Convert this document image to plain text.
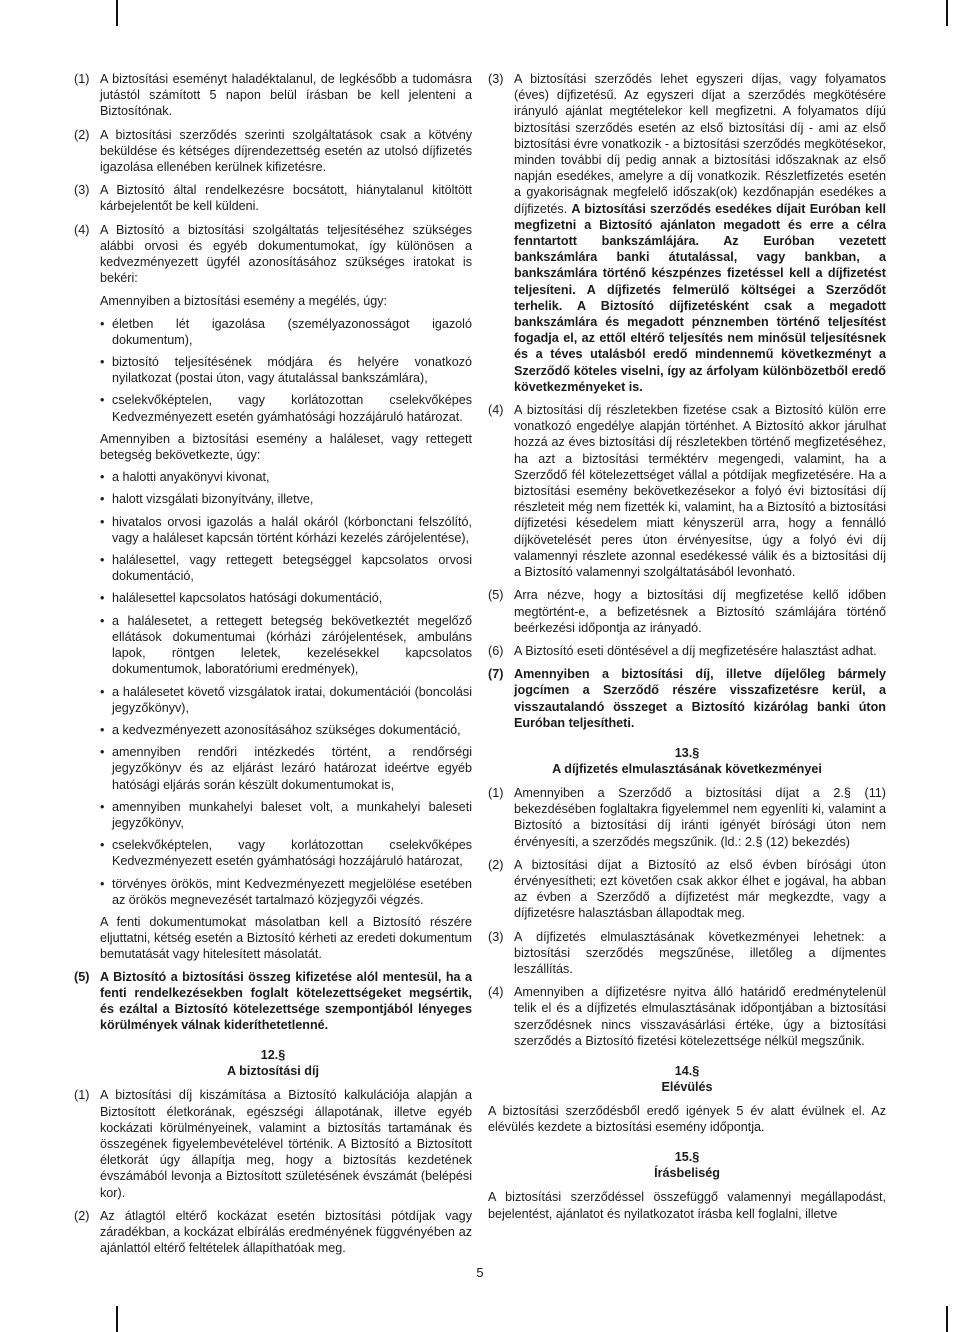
(1) A biztosítási eseményt haladéktalanul, de legkésőbb a tudomásra jutástól számított 5 napon belül írásban be kell jelenteni a Biztosítónak.
(2) A biztosítási szerződés szerinti szolgáltatások csak a kötvény beküldése és kétséges díjrendezettség esetén az utolsó díjfizetés igazolása ellenében kerülnek kifizetésre.
(3) A Biztosító által rendelkezésre bocsátott, hiánytalanul kitöltött kárbejelentőt be kell küldeni.
(4) A Biztosító a biztosítási szolgáltatás teljesítéséhez szükséges alábbi orvosi és egyéb dokumentumokat, így különösen a kedvezményezett ügyfél azonosításához szükséges iratokat is bekéri:
Amennyiben a biztosítási esemény a megélés, úgy:
• életben lét igazolása (személyazonosságot igazoló dokumentum),
• biztosító teljesítésének módjára és helyére vonatkozó nyilatkozat (postai úton, vagy átutalással bankszámlára),
• cselekvőképtelen, vagy korlátozottan cselekvőképes Kedvezményezett esetén gyámhatósági hozzájáruló határozat.
Amennyiben a biztosítási esemény a haláleset, vagy rettegett betegség bekövetkezte, úgy:
• a halotti anyakönyvi kivonat,
• halott vizsgálati bizonyítvány, illetve,
• hivatalos orvosi igazolás a halál okáról (kórbonctani felszólító, vagy a haláleset kapcsán történt kórházi kezelés zárójelentése),
• halálesettel, vagy rettegett betegséggel kapcsolatos orvosi dokumentáció,
• halálesettel kapcsolatos hatósági dokumentáció,
• a halálesetet, a rettegett betegség bekövetkeztét megelőző ellátások dokumentumai (kórházi zárójelentések, ambuláns lapok, röntgen leletek, kezelésekkel kapcsolatos dokumentumok, laboratóriumi eredmények),
• a halálesetet követő vizsgálatok iratai, dokumentációi (boncolási jegyzőkönyv),
• a kedvezményezett azonosításához szükséges dokumentáció,
• amennyiben rendőri intézkedés történt, a rendőrségi jegyzőkönyv és az eljárást lezáró határozat ideértve egyéb hatósági eljárás során készült dokumentumokat is,
• amennyiben munkahelyi baleset volt, a munkahelyi baleseti jegyzőkönyv,
• cselekvőképtelen, vagy korlátozottan cselekvőképes Kedvezményezett esetén gyámhatósági hozzájáruló határozat,
• törvényes örökös, mint Kedvezményezett megjelölése esetében az örökös megnevezését tartalmazó közjegyzői végzés.
A fenti dokumentumokat másolatban kell a Biztosító részére eljuttatni, kétség esetén a Biztosító kérheti az eredeti dokumentum bemutatását vagy hitelesített másolatát.
(5) A Biztosító a biztosítási összeg kifizetése alól mentesül, ha a fenti rendelkezésekben foglalt kötelezettségeket megsértik, és ezáltal a Biztosító kötelezettsége szempontjából lényeges körülmények válnak kideríthetetlenné.
12.§
A biztosítási díj
(1) A biztosítási díj kiszámítása a Biztosító kalkulációja alapján a Biztosított életkorának, egészségi állapotának, illetve egyéb kockázati körülményeinek, valamint a biztosítás tartamának és összegének figyelembevételével történik. A Biztosító a Biztosított életkorát úgy állapítja meg, hogy a biztosítás kezdetének évszámából levonja a Biztosított születésének évszámát (belépési kor).
(2) Az átlagtól eltérő kockázat esetén biztosítási pótdíjak vagy záradékban, a kockázat elbírálás eredményének függvényében az ajánlattól eltérő feltételek állapíthatóak meg.
(3) A biztosítási szerződés lehet egyszeri díjas, vagy folyamatos (éves) díjfizetésű. Az egyszeri díjat a szerződés megkötésére irányuló ajánlat megtételekor kell megfizetni. A folyamatos díjú biztosítási szerződés esetén az első biztosítási díj - ami az első biztosítási évre vonatkozik - a biztosítási szerződés megkötésekor, minden további díj pedig annak a biztosítási időszaknak az első napján esedékes, amelyre a díj vonatkozik. Részletfizetés esetén a gyakoriságnak megfelelő időszak(ok) kezdőnapján esedékes a díjfizetés. A biztosítási szerződés esedékes díjait Euróban kell megfizetni a Biztosító ajánlaton megadott és erre a célra fenntartott bankszámlájára. Az Euróban vezetett bankszámlára banki átutalással, vagy bankban, a bankszámlára történő készpénzes fizetéssel kell a díjfizetést teljesíteni. A díjfizetés felmerülő költségei a Szerződőt terhelik. A Biztosító díjfizetésként csak a megadott bankszámlára és megadott pénznemben történő teljesítést fogadja el, az ettől eltérő teljesítés nem minősül teljesítésnek és a téves utalásból eredő mindennemű következményt a Szerződő köteles viselni, így az árfolyam különbözetből eredő következményeket is.
(4) A biztosítási díj részletekben fizetése csak a Biztosító külön erre vonatkozó engedélye alapján történhet. A Biztosító akkor járulhat hozzá az éves biztosítási díj részletekben történő megfizetéséhez, ha azt a biztosítási terméktérv megengedi, valamint, ha a Szerződő fél kötelezettséget vállal a pótdíjak megfizetésére. Ha a biztosítási esemény bekövetkezésekor a folyó évi biztosítási díj részleteit még nem fizették ki, valamint, ha a Biztosító a biztosítási díjfizetési késedelem miatt kényszerül arra, hogy a fennálló díjkövetelését peres úton érvényesítse, úgy a folyó évi díj valamennyi részlete azonnal esedékessé válik és a biztosítási díj a Biztosító valamennyi szolgáltatásából levonható.
(5) Arra nézve, hogy a biztosítási díj megfizetése kellő időben megtörtént-e, a befizetésnek a Biztosító számlájára történő beérkezési időpontja az irányadó.
(6) A Biztosító eseti döntésével a díj megfizetésére halasztást adhat.
(7) Amennyiben a biztosítási díj, illetve díjelőleg bármely jogcímen a Szerződő részére visszafizetésre kerül, a visszautalandó összeget a Biztosító kizárólag banki úton Euróban teljesítheti.
13.§
A díjfizetés elmulasztásának következményei
(1) Amennyiben a Szerződő a biztosítási díjat a 2.§ (11) bekezdésében foglaltakra figyelemmel nem egyenlíti ki, valamint a Biztosító a biztosítási díj iránti igényét bírósági úton nem érvényesíti, a szerződés megszűnik. (ld.: 2.§ (12) bekezdés)
(2) A biztosítási díjat a Biztosító az első évben bírósági úton érvényesítheti; ezt követően csak akkor élhet e jogával, ha abban az évben a Szerződő a díjfizetést már megkezdte, vagy a díjfizetésre halasztásban állapodtak meg.
(3) A díjfizetés elmulasztásának következményei lehetnek: a biztosítási szerződés megszűnése, illetőleg a díjmentes leszállítás.
(4) Amennyiben a díjfizetésre nyitva álló határidő eredménytelenül telik el és a díjfizetés elmulasztásának időpontjában a biztosítási szerződésnek nincs visszavásárlási értéke, úgy a biztosítási szerződés a Biztosító fizetési kötelezettsége nélkül megszűnik.
14.§
Elévülés
A biztosítási szerződésből eredő igények 5 év alatt évülnek el. Az elévülés kezdete a biztosítási esemény időpontja.
15.§
Írásbeliség
A biztosítási szerződéssel összefüggő valamennyi megállapodást, bejelentést, ajánlatot és nyilatkozatot írásba kell foglalni, illetve
5
